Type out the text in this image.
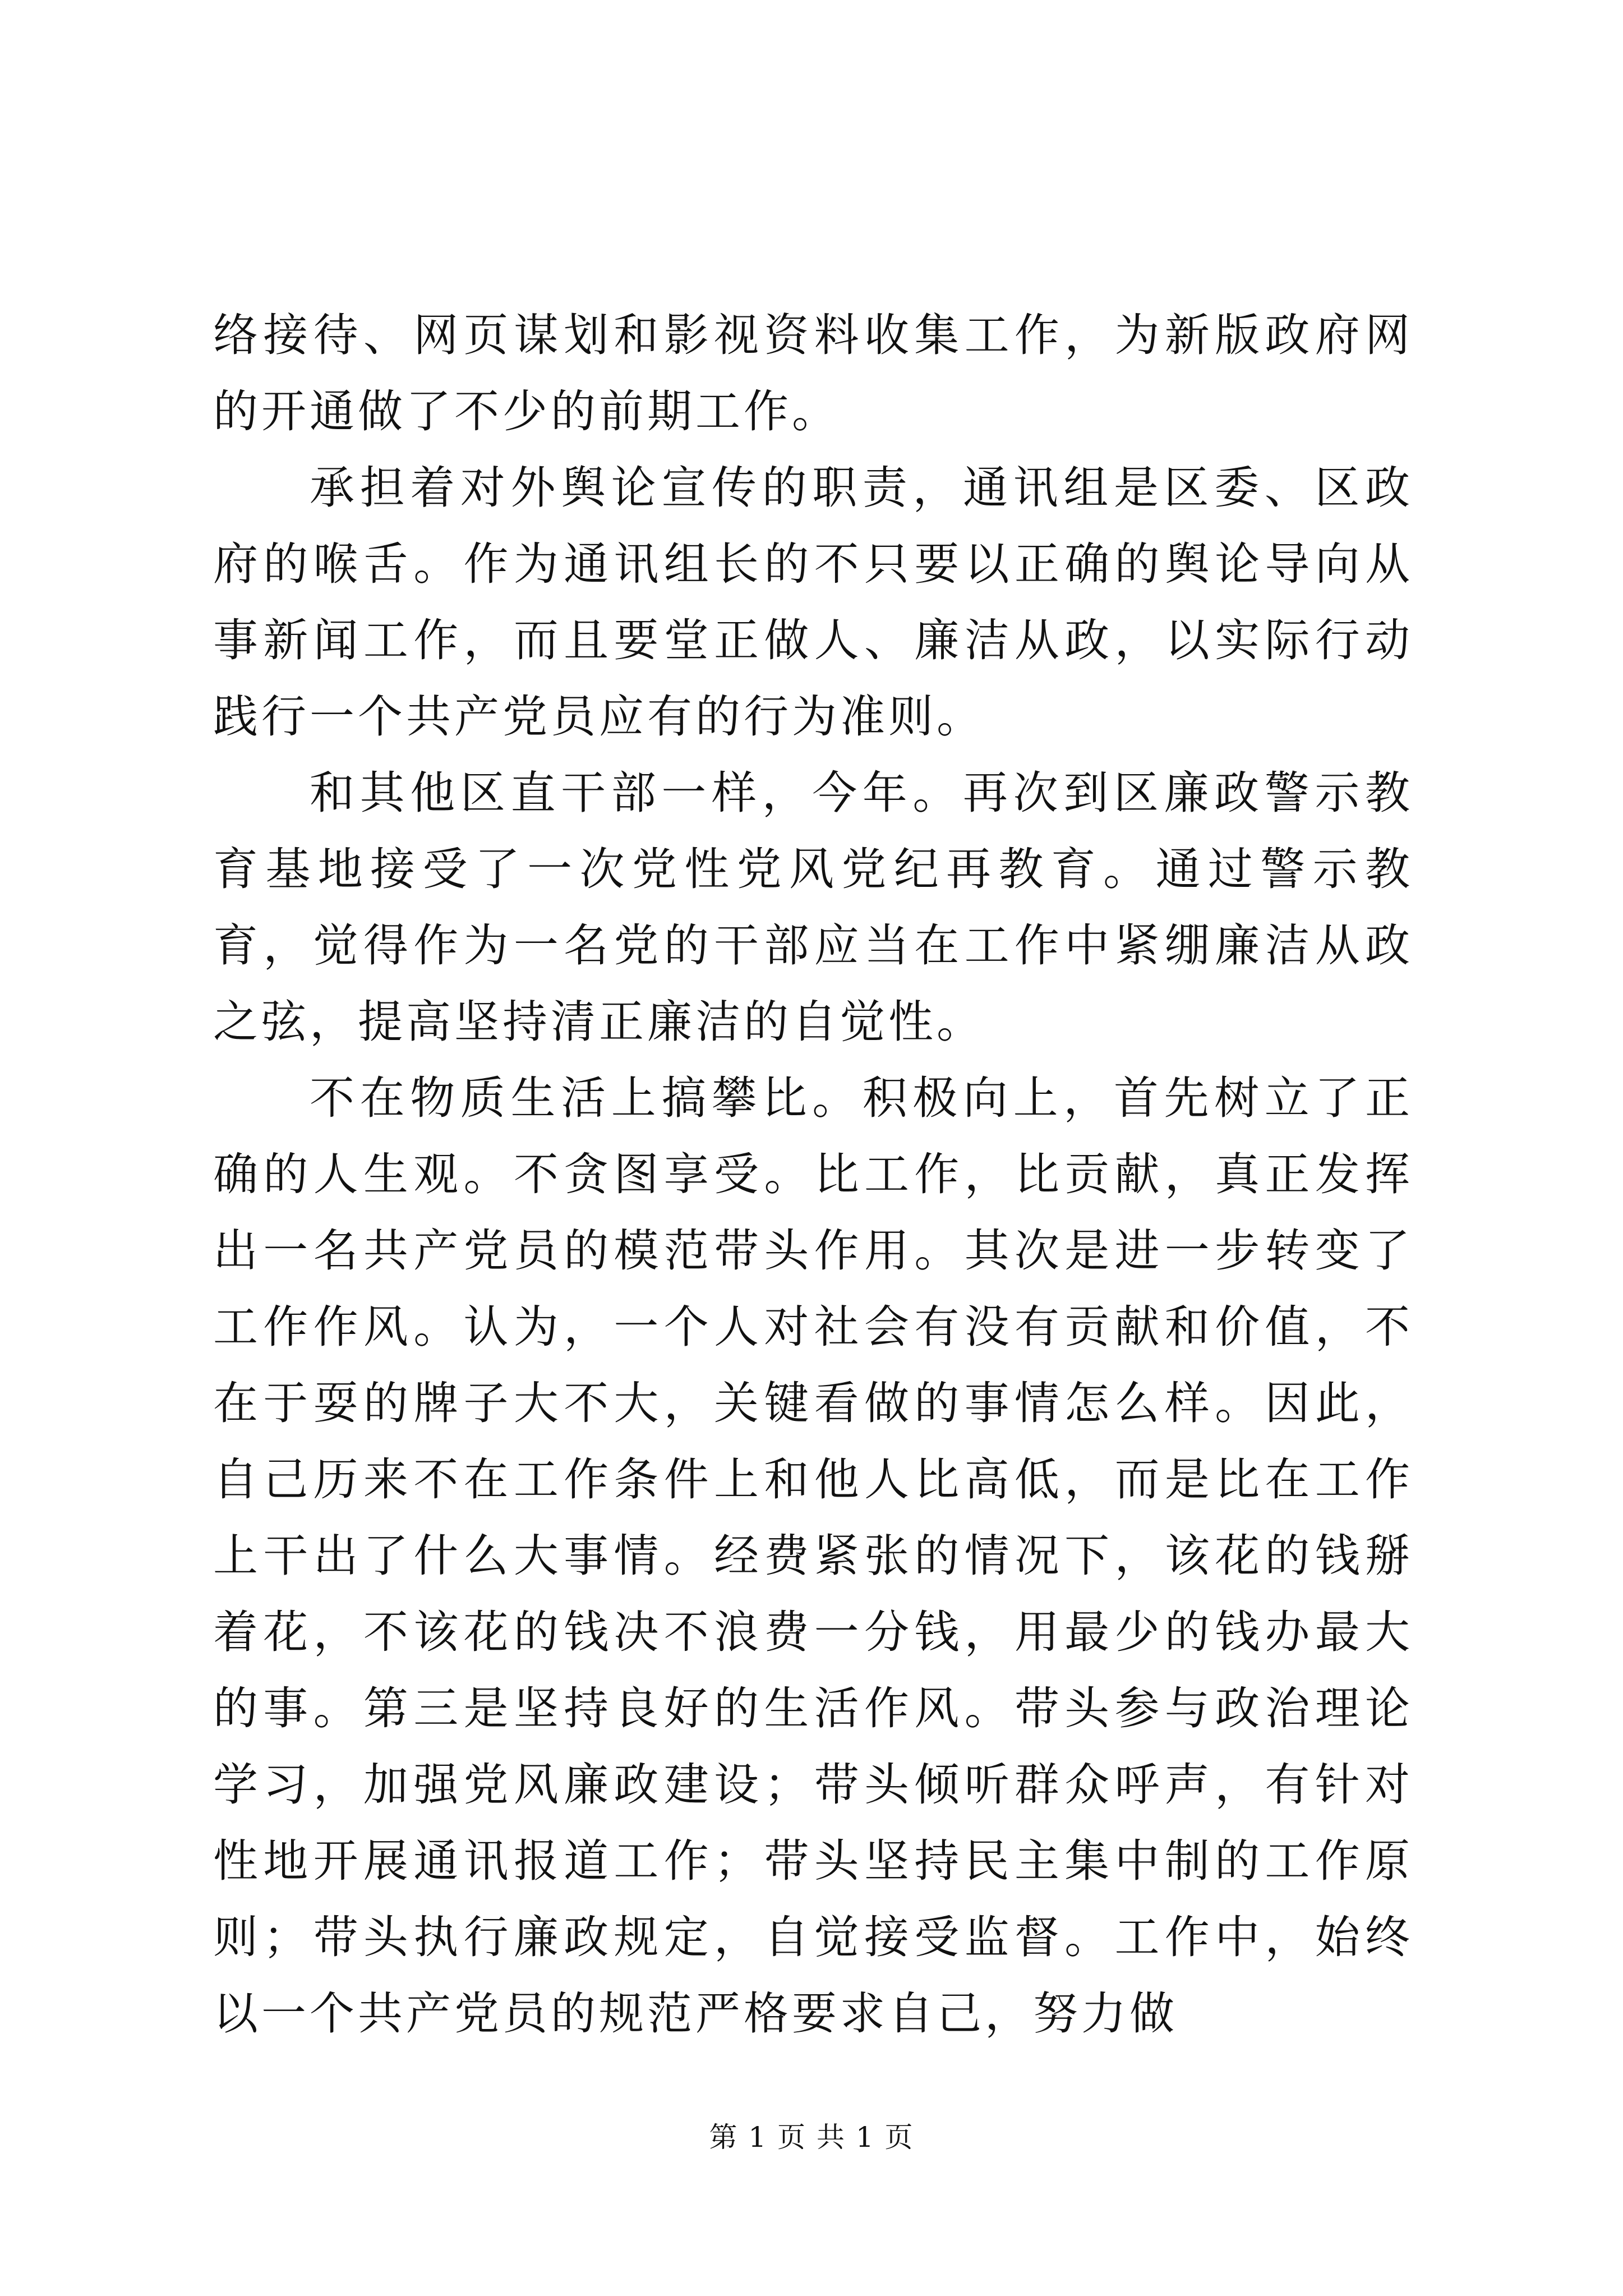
络接待、网页谋划和影视资料收集工作，为新版政府网的开通做了不少的前期工作。

承担着对外舆论宣传的职责，通讯组是区委、区政府的喉舌。作为通讯组长的不只要以正确的舆论导向从事新闻工作，而且要堂正做人、廉洁从政，以实际行动践行一个共产党员应有的行为准则。

和其他区直干部一样，今年。再次到区廉政警示教育基地接受了一次党性党风党纪再教育。通过警示教育，觉得作为一名党的干部应当在工作中紧绷廉洁从政之弦，提高坚持清正廉洁的自觉性。

不在物质生活上搞攀比。积极向上，首先树立了正确的人生观。不贪图享受。比工作，比贡献，真正发挥出一名共产党员的模范带头作用。其次是进一步转变了工作作风。认为，一个人对社会有没有贡献和价值，不在于耍的牌子大不大，关键看做的事情怎么样。因此，自己历来不在工作条件上和他人比高低，而是比在工作上干出了什么大事情。经费紧张的情况下，该花的钱掰着花，不该花的钱决不浪费一分钱，用最少的钱办最大的事。第三是坚持良好的生活作风。带头参与政治理论学习，加强党风廉政建设；带头倾听群众呼声，有针对性地开展通讯报道工作；带头坚持民主集中制的工作原则；带头执行廉政规定，自觉接受监督。工作中，始终以一个共产党员的规范严格要求自己，努力做

第 1 页 共 1 页
